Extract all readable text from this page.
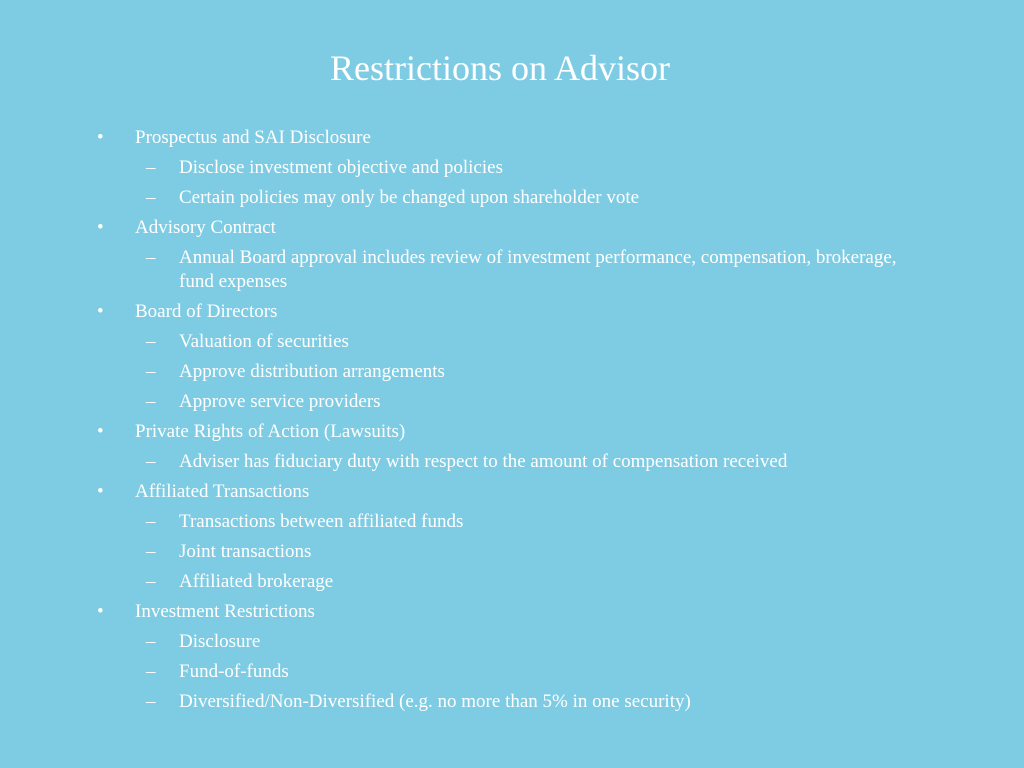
Restrictions on Advisor
• Prospectus and SAI Disclosure
– Disclose investment objective and policies
– Certain policies may only be changed upon shareholder vote
• Advisory Contract
– Annual Board approval includes review of investment performance, compensation, brokerage, fund expenses
• Board of Directors
– Valuation of securities
– Approve distribution arrangements
– Approve service providers
• Private Rights of Action (Lawsuits)
– Adviser has fiduciary duty with respect to the amount of compensation received
• Affiliated Transactions
– Transactions between affiliated funds
– Joint transactions
– Affiliated brokerage
• Investment Restrictions
– Disclosure
– Fund-of-funds
– Diversified/Non-Diversified (e.g. no more than 5% in one security)
